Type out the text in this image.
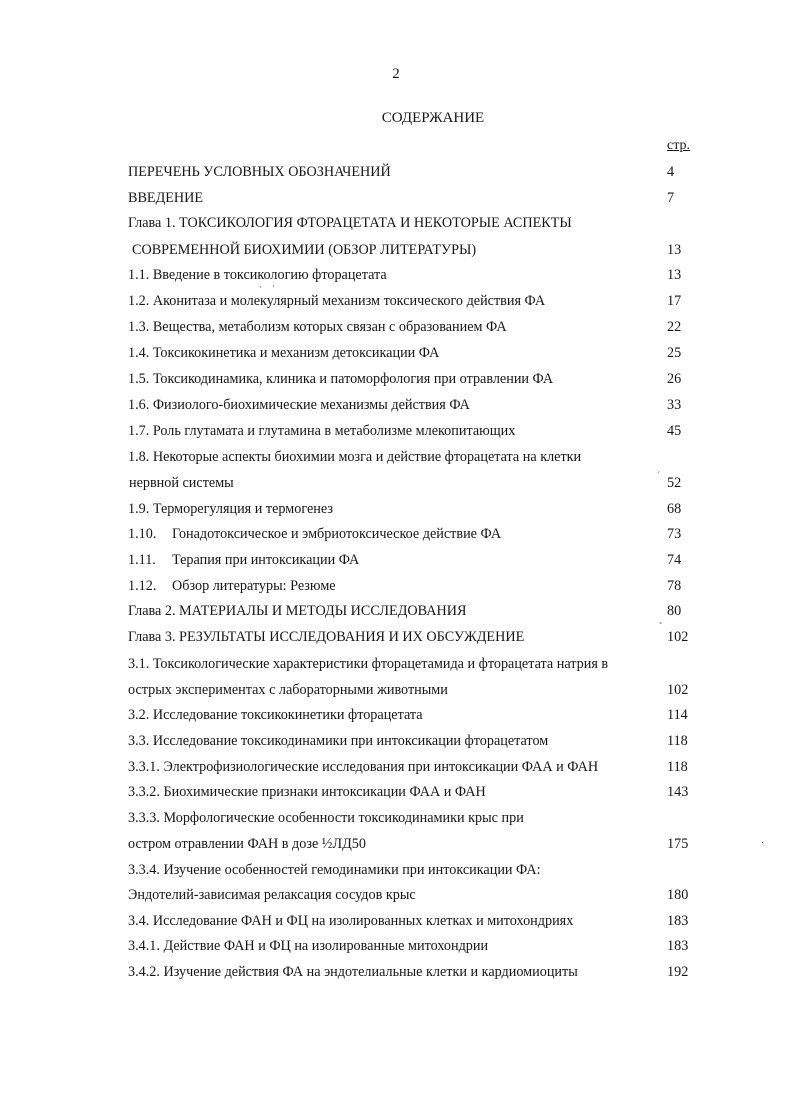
2
СОДЕРЖАНИЕ
стр.
ПЕРЕЧЕНЬ УСЛОВНЫХ ОБОЗНАЧЕНИЙ	4
ВВЕДЕНИЕ	7
Глава 1. ТОКСИКОЛОГИЯ ФТОРАЦЕТАТА И НЕКОТОРЫЕ АСПЕКТЫ
СОВРЕМЕННОЙ БИОХИМИИ (ОБЗОР ЛИТЕРАТУРЫ)	13
1.1. Введение в токсикологию фторацетата	13
1.2. Аконитаза и молекулярный механизм токсического действия ФА	17
1.3. Вещества, метаболизм которых связан с образованием ФА	22
1.4. Токсикокинетика и механизм детоксикации ФА	25
1.5. Токсикодинамика, клиника и патоморфология при отравлении ФА	26
1.6. Физиолого-биохимические механизмы действия ФА	33
1.7. Роль глутамата и глутамина в метаболизме млекопитающих	45
1.8. Некоторые аспекты биохимии мозга и действие фторацетата на клетки
нервной системы	52
1.9. Терморегуляция и термогенез	68
1.10. Гонадотоксическое и эмбриотоксическое действие ФА	73
1.11. Терапия при интоксикации ФА	74
1.12. Обзор литературы: Резюме	78
Глава 2. МАТЕРИАЛЫ И МЕТОДЫ ИССЛЕДОВАНИЯ	80
Глава 3. РЕЗУЛЬТАТЫ ИССЛЕДОВАНИЯ И ИХ ОБСУЖДЕНИЕ	102
3.1. Токсикологические характеристики фторацетамида и фторацетата натрия в
острых экспериментах с лабораторными животными	102
3.2. Исследование токсикокинетики фторацетата	114
3.3. Исследование токсикодинамики при интоксикации фторацетатом	118
3.3.1. Электрофизиологические исследования при интоксикации ФАА и ФАН	118
3.3.2. Биохимические признаки интоксикации ФАА и ФАН	143
3.3.3. Морфологические особенности токсикодинамики крыс при
остром отравлении ФАН в дозе ½ЛД50	175
3.3.4. Изучение особенностей гемодинамики при интоксикации ФА:
Эндотелий-зависимая релаксация сосудов крыс	180
3.4. Исследование ФАН и ФЦ на изолированных клетках и митохондриях	183
3.4.1. Действие ФАН и ФЦ на изолированные митохондрии	183
3.4.2. Изучение действия ФА на эндотелиальные клетки и кардиомиоциты	192
· ·
ˊ
˜
·
